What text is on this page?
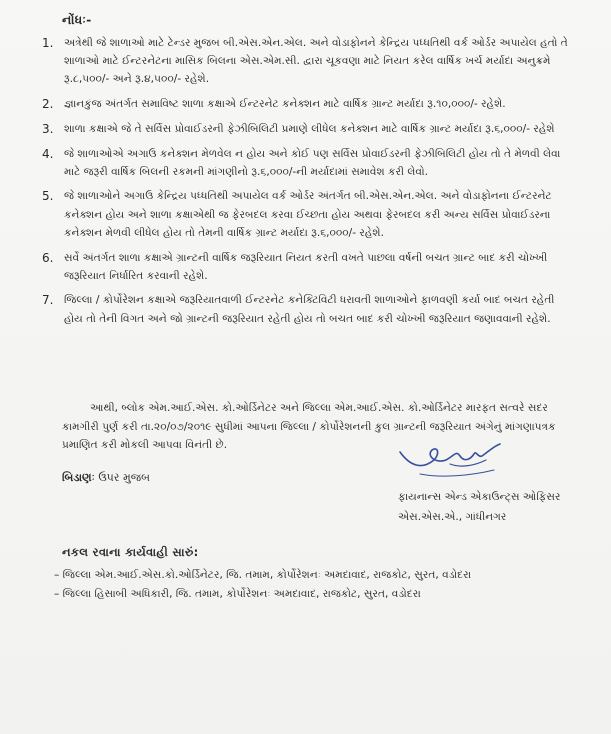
નોંધઃ-
1. અત્રેથી જે શાળાઓ માટે ટેન્ડર મુજબ બી.એસ.એન.એલ. અને વોડાફોનને કેન્દ્રિય પધ્ધતિથી વર્ક ઓર્ડર અપાયેલ હતો તે શાળાઓ માટે ઈન્ટરનેટના માસિક બિલના એસ.એમ.સી. દ્વારા ચૂકવણા માટે નિયત કરેલ વાર્ષિક ખર્ચ મર્યાદા અનુક્રમે રૂ.૮,૫૦૦/- અને રૂ.૪,૫૦૦/- રહેશે.
2. જ્ઞાનકુંજ અંતર્ગત સમાવિષ્ટ શાળા કક્ષાએ ઈન્ટરનેટ કનેક્શન માટે વાર્ષિક ગ્રાન્ટ મર્યાદા રૂ.૧૦,૦૦૦/- રહેશે.
3. શાળા કક્ષાએ જે તે સર્વિસ પ્રોવાઈડરની ફેઝીબિલિટી પ્રમાણે લીધેલ કનેક્શન માટે વાર્ષિક ગ્રાન્ટ મર્યાદા રૂ.૬,૦૦૦/- રહેશે
4. જે શાળાઓએ અગાઉ કનેક્શન મેળવેલ ન હોય અને કોઈ પણ સર્વિસ પ્રોવાઈડરની ફેઝીબિલિટી હોય તો તે મેળવી લેવા માટે જરૂરી વાર્ષિક બિલની રકમની માંગણીનો રૂ.૬,૦૦૦/-ની મર્યાદામાં સમાવેશ કરી લેવો.
5. જે શાળાઓને અગાઉ કેન્દ્રિય પધ્ધતિથી અપાયેલ વર્ક ઓર્ડર અંતર્ગત બી.એસ.એન.એલ. અને વોડાફોનના ઈન્ટરનેટ કનેક્શન હોય અને શાળા કક્ષાએથી જ ફેરબદલ કરવા ઈચ્છતા હોય અથવા ફેરબદલ કરી અન્ય સર્વિસ પ્રોવાઈડરના કનેક્શન મેળવી લીધેલ હોય તો તેમની વાર્ષિક ગ્રાન્ટ મર્યાદા રૂ.૬,૦૦૦/- રહેશે.
6. સર્વે અંતર્ગત શાળા કક્ષાએ ગ્રાન્ટની વાર્ષિક જરૂરિયાત નિયત કરતી વખતે પાછલા વર્ષની બચત ગ્રાન્ટ બાદ કરી ચોખ્ખી જરૂરિયાત નિર્ધારિત કરવાની રહેશે.
7. જિલ્લા / કોર્પોરેશન કક્ષાએ જરૂરિયાતવાળી ઈન્ટરનેટ કનેક્ટિવિટી ધરાવતી શાળાઓને ફાળવણી કર્યા બાદ બચત રહેતી હોય તો તેની વિગત અને જો ગ્રાન્ટની જરૂરિયાત રહેતી હોય તો બચત બાદ કરી ચોખ્ખી જરૂરિયાત જણાવવાની રહેશે.
આથી, બ્લોક એમ.આઈ.એસ. કો.ઓર્ડિનેટર અને જિલ્લા એમ.આઈ.એસ. કો.ઓર્ડિનેટર મારફત સત્વરે સદર કામગીરી પુર્ણ કરી તા.૨૦/૦૭/૨૦૧૯ સુધીમાં આપના જિલ્લા / કોર્પોરેશનની કુલ ગ્રાન્ટની જરૂરિયાત અંગેનું માંગણાપત્રક પ્રમાણિત કરી મોકલી આપવા વિનંતી છે.
બિડાણઃ ઉપર મુજબ
ફાયનાન્સ એન્ડ એકાઉન્ટ્સ ઓફિસર
એસ.એસ.એ., ગાંધીનગર
નકલ રવાના કાર્યવાહી સારું:
– જિલ્લા એમ.આઈ.એસ.કો.ઓર્ડિનેટર, જિ. તમામ, કોર્પોરેશનઃ અમદાવાદ, રાજકોટ, સુરત, વડોદરા
– જિલ્લા હિસાબી અધિકારી, જિ. તમામ, કોર્પોરેશનઃ અમદાવાદ, રાજકોટ, સુરત, વડોદરા
